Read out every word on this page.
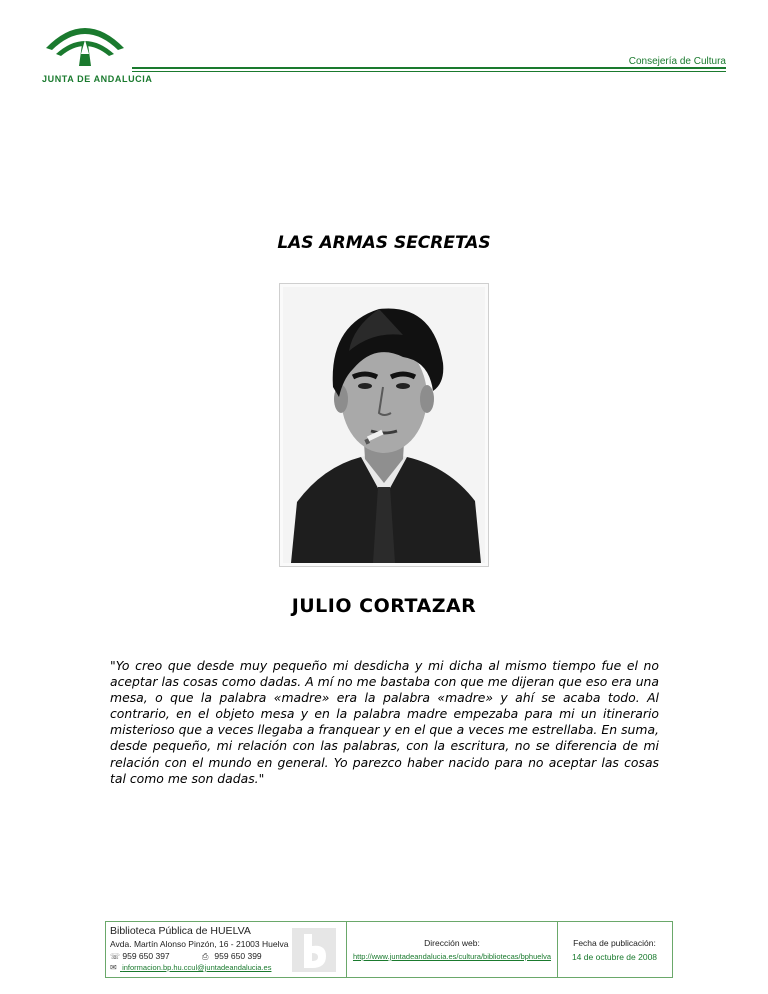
JUNTA DE ANDALUCIA
Consejería de Cultura
LAS ARMAS SECRETAS
JULIO CORTAZAR

"Yo creo que desde muy pequeño mi desdicha y mi dicha al mismo tiempo fue el no aceptar las cosas como dadas. A mí no me bastaba con que me dijeran que eso era una mesa, o que la palabra «madre» era la palabra «madre» y ahí se acaba todo. Al contrario, en el objeto mesa y en la palabra madre empezaba para mi un itinerario misterioso que a veces llegaba a franquear y en el que a veces me estrellaba. En suma, desde pequeño, mi relación con las palabras, con la escritura, no se diferencia de mi relación con el mundo en general. Yo parezco haber nacido para no aceptar las cosas tal como me son dadas."

Biblioteca Pública de HUELVA
Avda. Martín Alonso Pinzón, 16 - 21003 Huelva
☏ 959 650 397	⎙ 959 650 399
✉ informacion.bp.hu.ccul@juntadeandalucia.es
Dirección web:
http://www.juntadeandalucia.es/cultura/bibliotecas/bphuelva
Fecha de publicación:
14 de octubre de 2008
